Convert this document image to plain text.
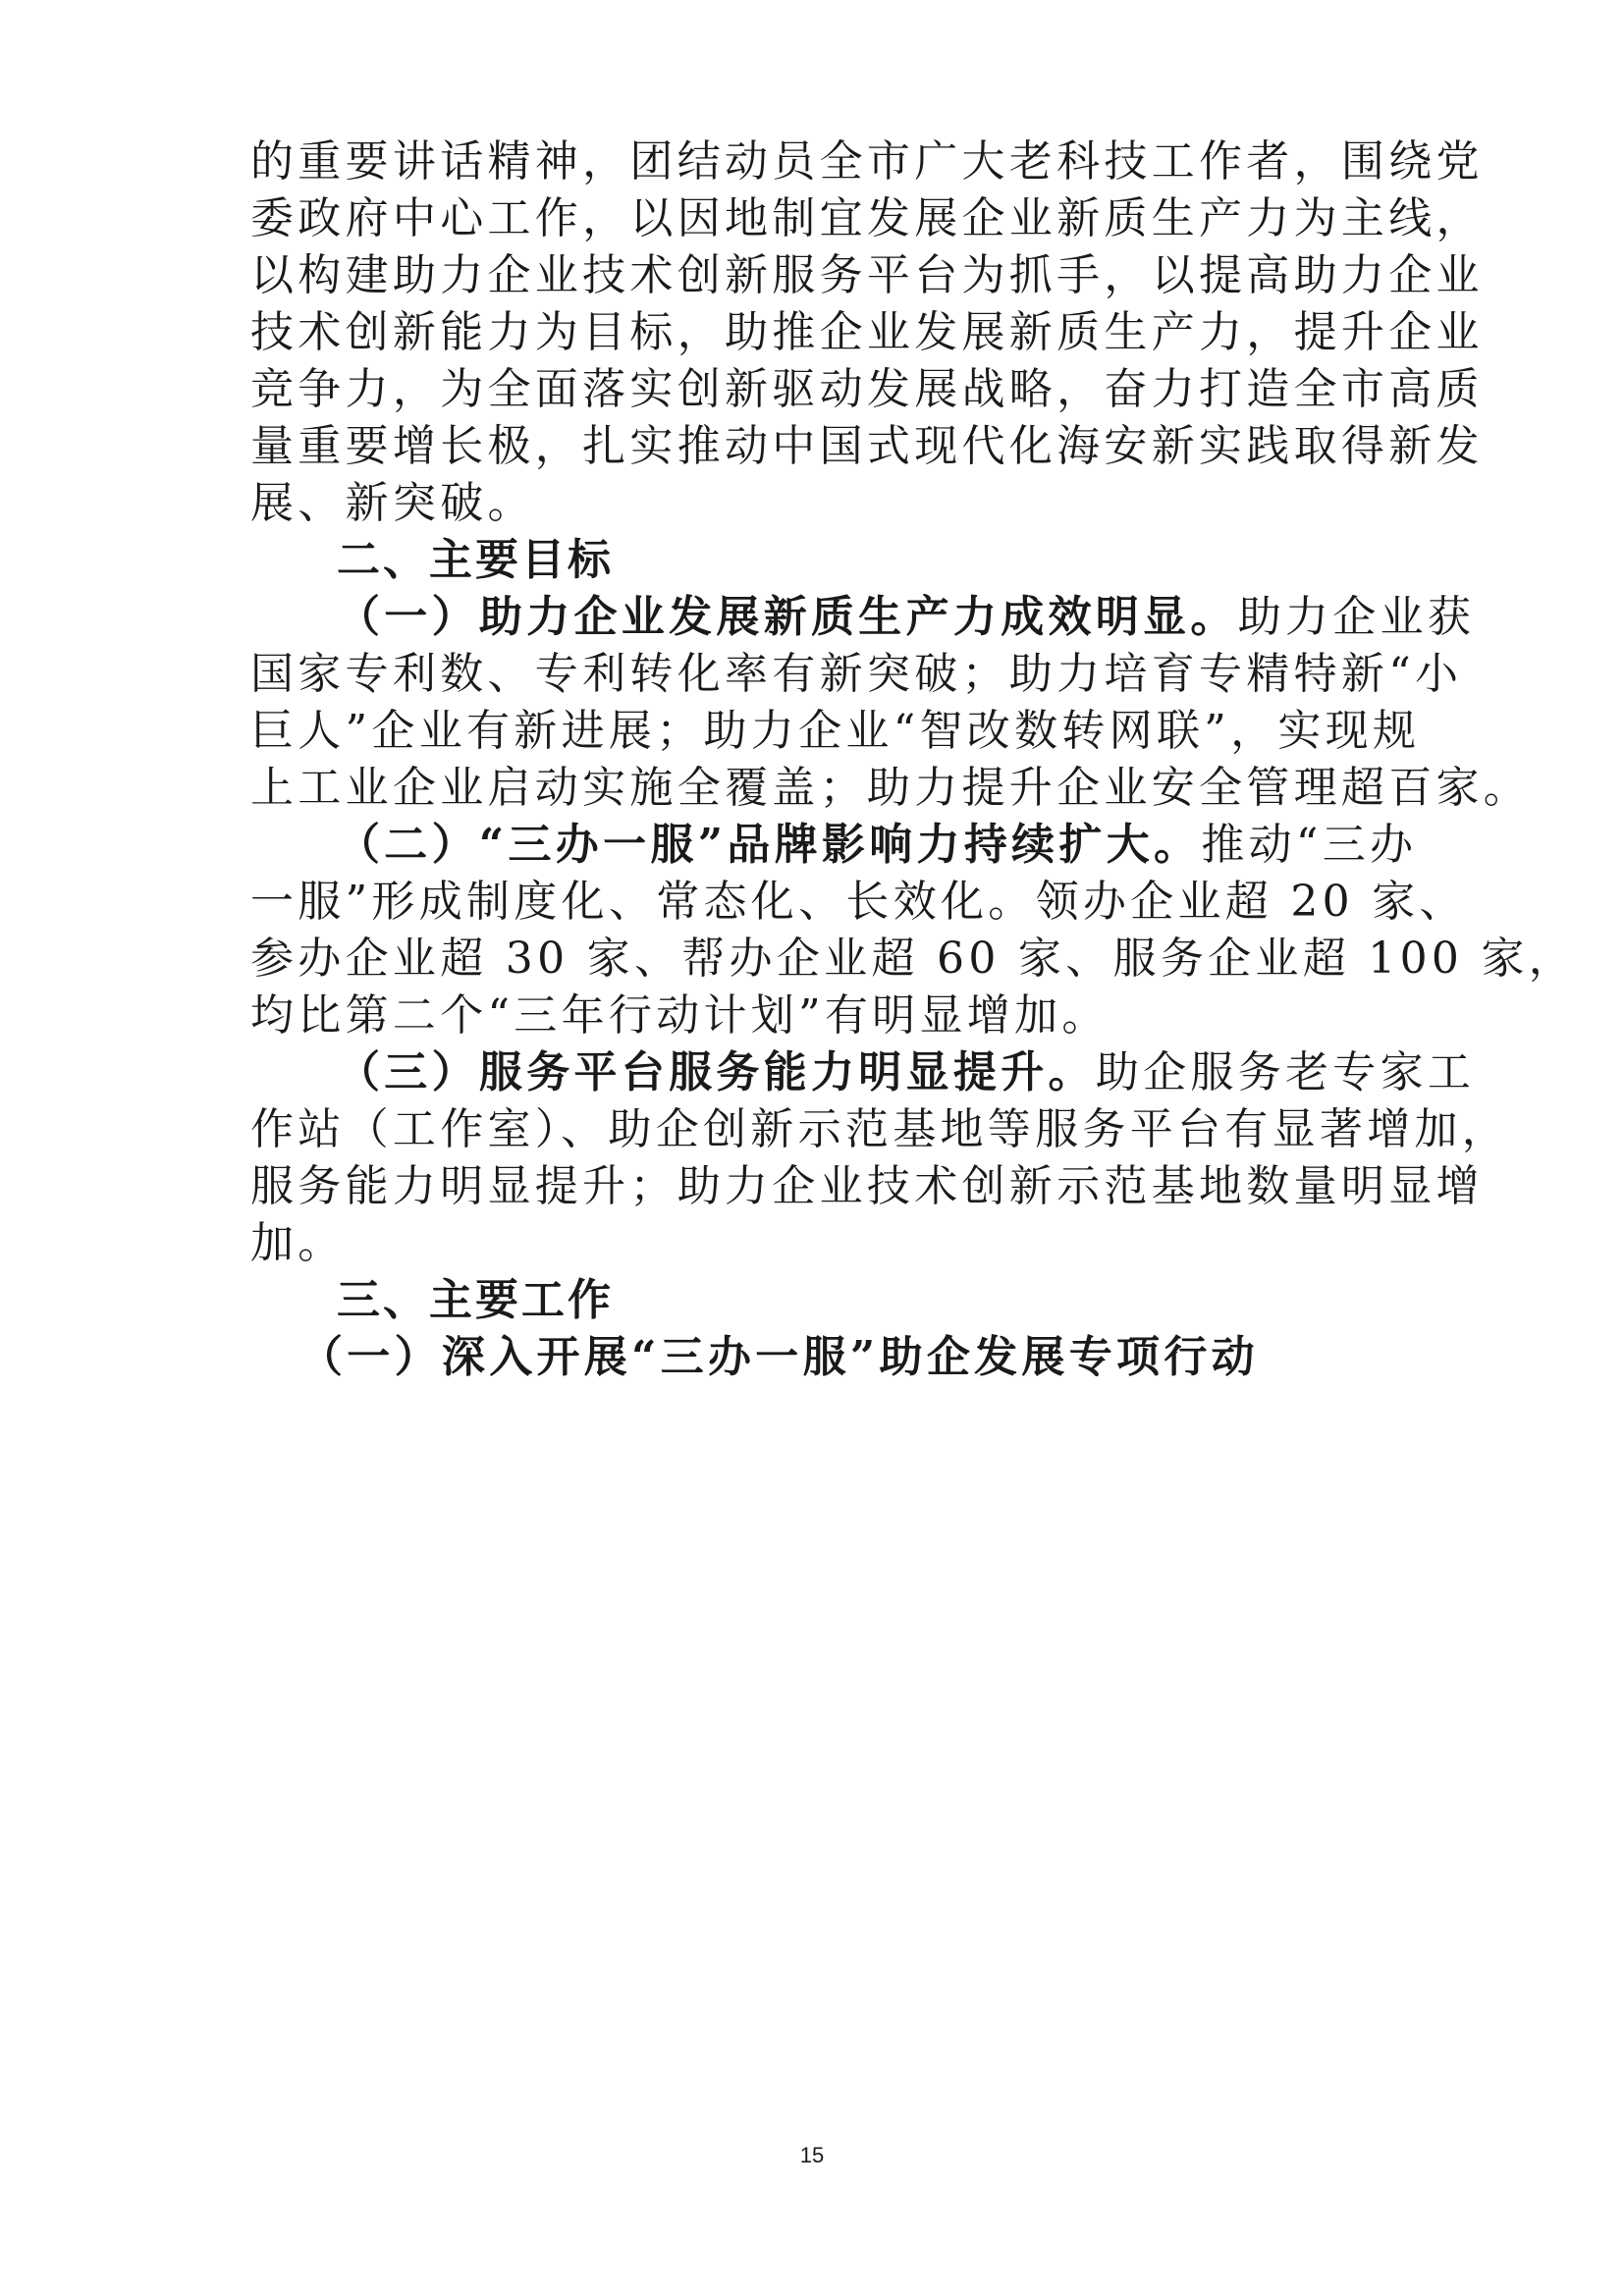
的重要讲话精神，团结动员全市广大老科技工作者，围绕党

委政府中心工作，以因地制宜发展企业新质生产力为主线，

以构建助力企业技术创新服务平台为抓手，以提高助力企业

技术创新能力为目标，助推企业发展新质生产力，提升企业

竞争力，为全面落实创新驱动发展战略，奋力打造全市高质

量重要增长极，扎实推动中国式现代化海安新实践取得新发

展、新突破。

二、主要目标

（一）助力企业发展新质生产力成效明显。助力企业获

国家专利数、专利转化率有新突破；助力培育专精特新“小

巨人”企业有新进展；助力企业“智改数转网联”，实现规

上工业企业启动实施全覆盖；助力提升企业安全管理超百家。

（二）“三办一服”品牌影响力持续扩大。推动“三办

一服”形成制度化、常态化、长效化。领办企业超 20 家、

参办企业超 30 家、帮办企业超 60 家、服务企业超 100 家，

均比第二个“三年行动计划”有明显增加。

（三）服务平台服务能力明显提升。助企服务老专家工

作站（工作室）、助企创新示范基地等服务平台有显著增加，

服务能力明显提升；助力企业技术创新示范基地数量明显增

加。

三、主要工作
（一）深入开展“三办一服”助企发展专项行动
15
